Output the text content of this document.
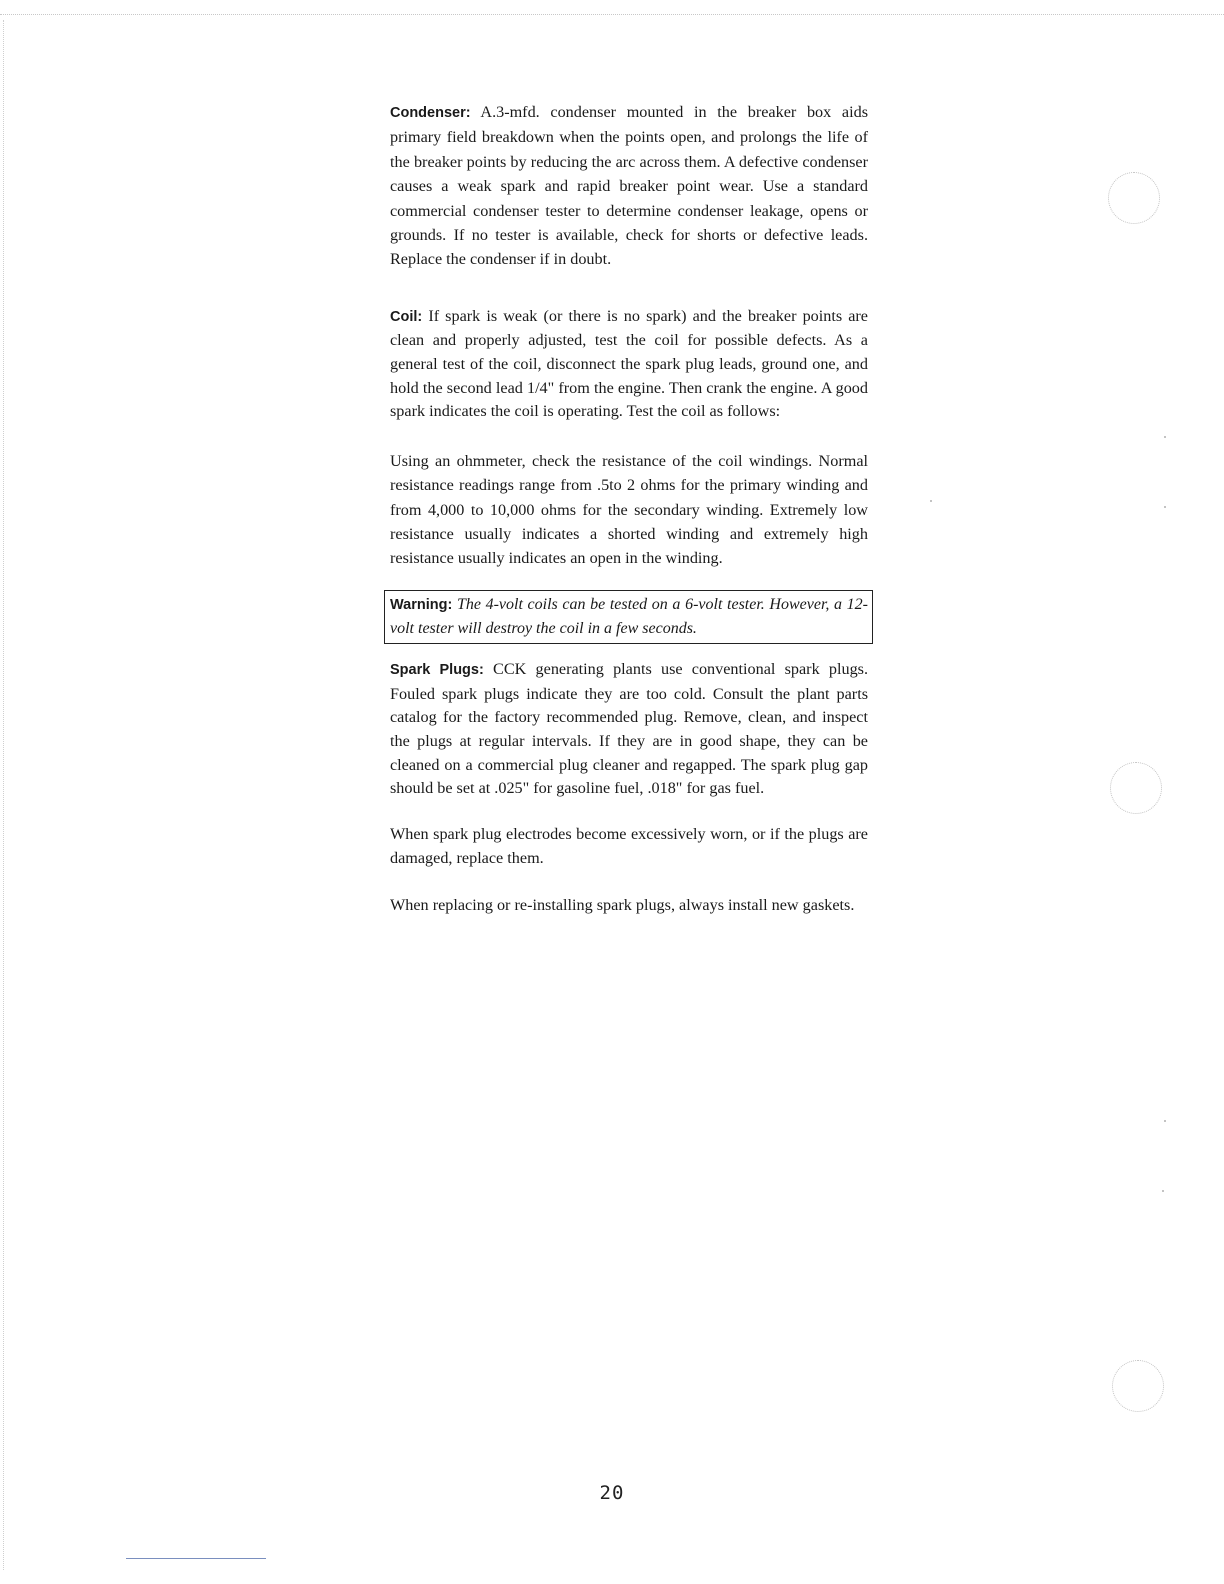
Condenser: A.3-mfd. condenser mounted in the breaker box aids primary field breakdown when the points open, and prolongs the life of the breaker points by reducing the arc across them. A defective condenser causes a weak spark and rapid breaker point wear. Use a standard commercial condenser tester to determine condenser leakage, opens or grounds. If no tester is available, check for shorts or defective leads. Replace the condenser if in doubt.

Coil: If spark is weak (or there is no spark) and the breaker points are clean and properly adjusted, test the coil for possible defects. As a general test of the coil, disconnect the spark plug leads, ground one, and hold the second lead 1/4" from the engine. Then crank the engine. A good spark indicates the coil is operating. Test the coil as follows:

Using an ohmmeter, check the resistance of the coil windings. Normal resistance readings range from .5to 2 ohms for the primary winding and from 4,000 to 10,000 ohms for the secondary winding. Extremely low resistance usually indicates a shorted winding and extremely high resistance usually indicates an open in the winding.

Warning: The 4-volt coils can be tested on a 6-volt tester. However, a 12-volt tester will destroy the coil in a few seconds.

Spark Plugs: CCK generating plants use conventional spark plugs. Fouled spark plugs indicate they are too cold. Consult the plant parts catalog for the factory recommended plug. Remove, clean, and inspect the plugs at regular intervals. If they are in good shape, they can be cleaned on a commercial plug cleaner and regapped. The spark plug gap should be set at .025" for gasoline fuel, .018" for gas fuel.

When spark plug electrodes become excessively worn, or if the plugs are damaged, replace them.

When replacing or re-installing spark plugs, always install new gaskets.

20
